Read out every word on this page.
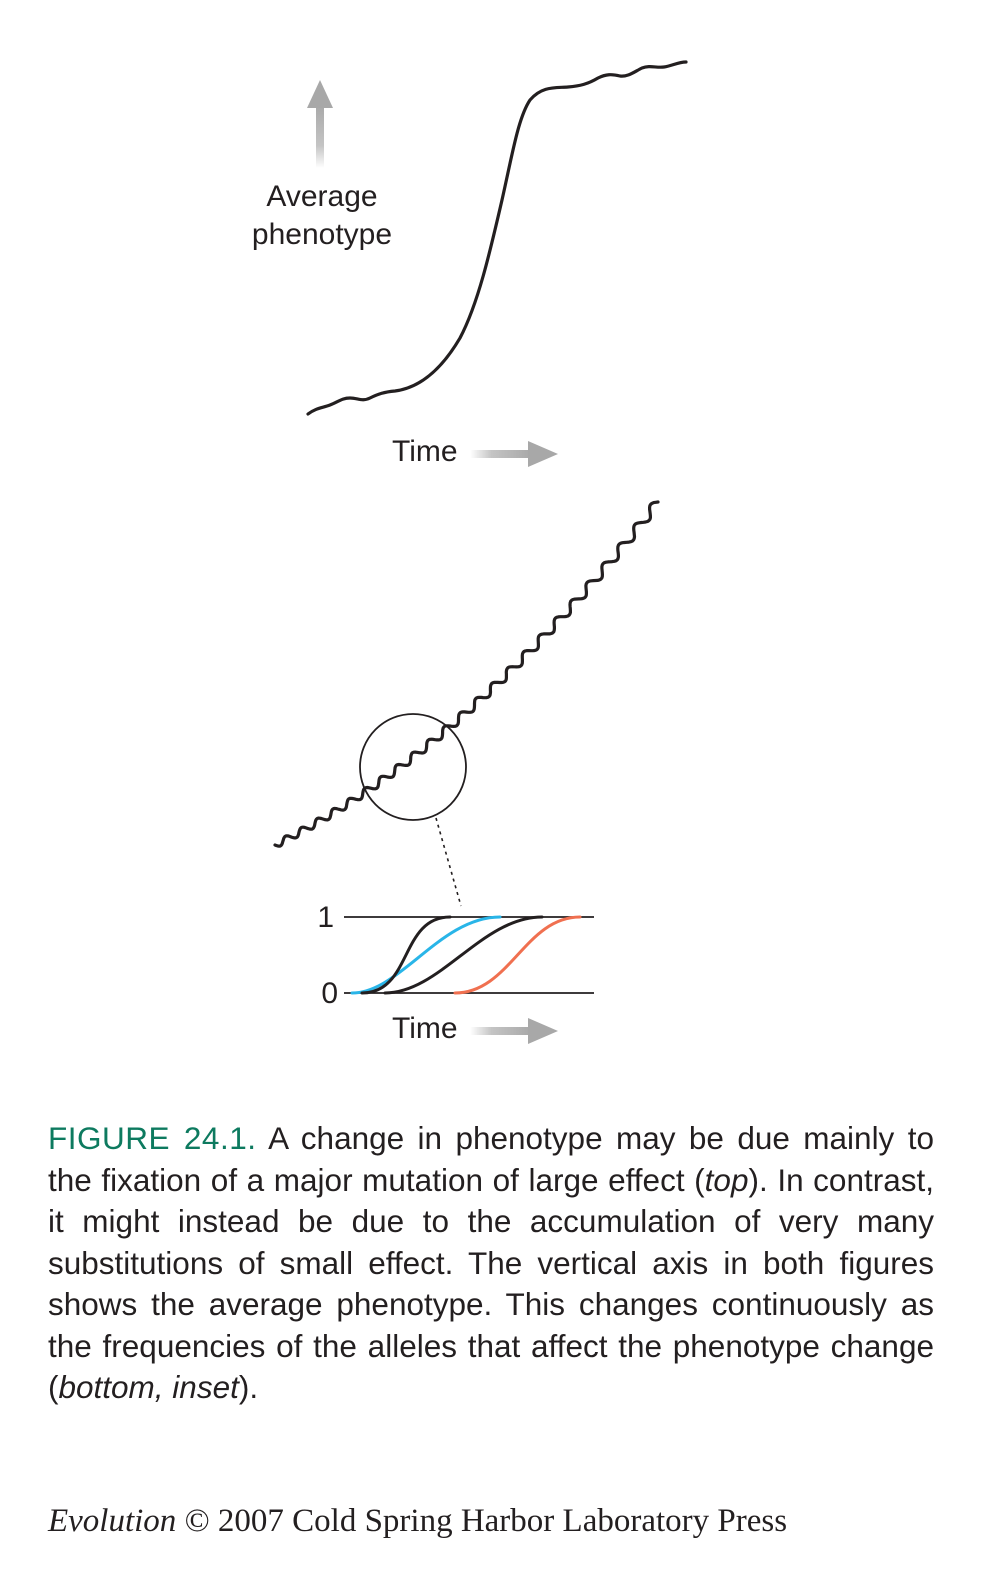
Average
phenotype
Time
1
0
Time

FIGURE 24.1. A change in phenotype may be due mainly to the fixation of a major mutation of large effect (top). In contrast, it might instead be due to the accumulation of very many substitutions of small effect. The vertical axis in both figures shows the average phenotype. This changes continuously as the frequencies of the alleles that affect the phenotype change (bottom, inset).

Evolution © 2007 Cold Spring Harbor Laboratory Press
